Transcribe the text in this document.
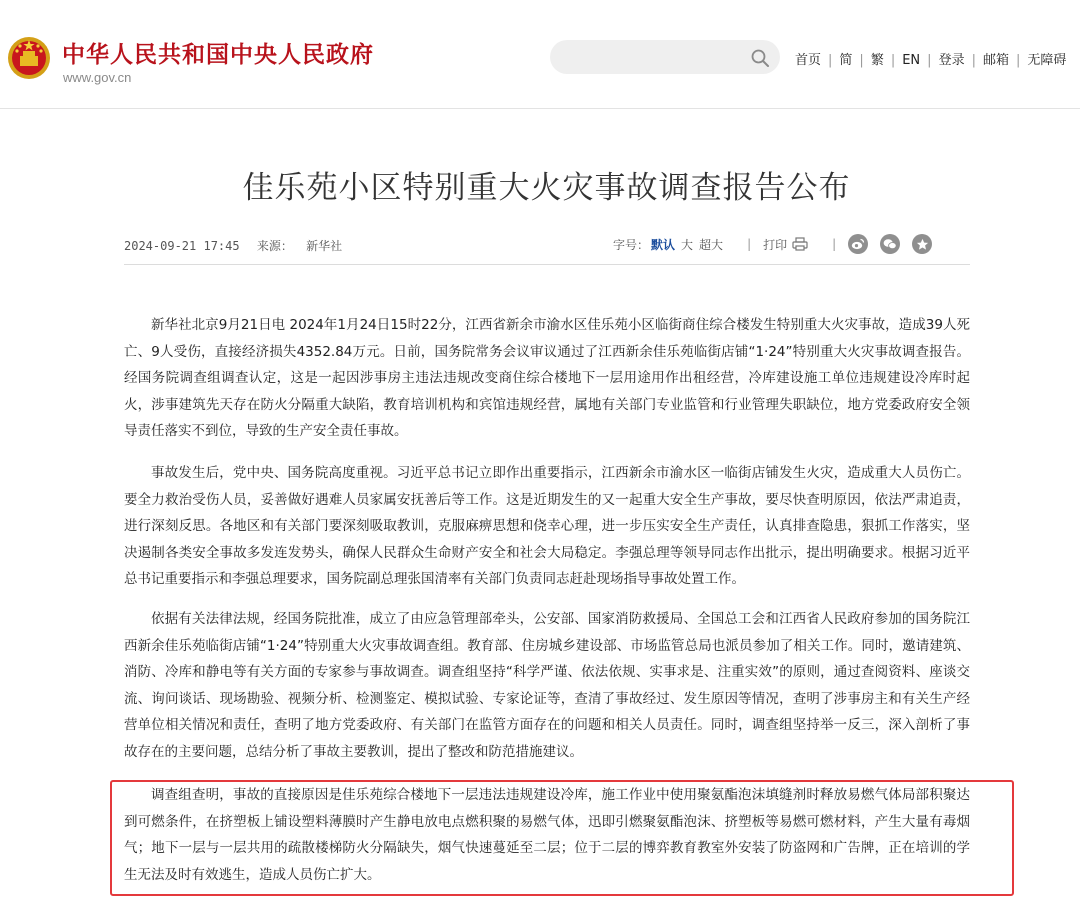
中华人民共和国中央人民政府
www.gov.cn
首页 | 简 | 繁 | EN | 登录 | 邮箱 | 无障碍
佳乐苑小区特别重大火灾事故调查报告公布
2024-09-21 17:45 来源： 新华社	字号： 默认 大 超大 | 打印	|

新华社北京9月21日电 2024年1月24日15时22分，江西省新余市渝水区佳乐苑小区临街商住综合楼发生特别重大火灾事故，造成39人死亡、9人受伤，直接经济损失4352.84万元。日前，国务院常务会议审议通过了江西新余佳乐苑临街店铺“1·24”特别重大火灾事故调查报告。经国务院调查组调查认定，这是一起因涉事房主违法违规改变商住综合楼地下一层用途用作出租经营，冷库建设施工单位违规建设冷库时起火，涉事建筑先天存在防火分隔重大缺陷，教育培训机构和宾馆违规经营，属地有关部门专业监管和行业管理失职缺位，地方党委政府安全领导责任落实不到位，导致的生产安全责任事故。

事故发生后，党中央、国务院高度重视。习近平总书记立即作出重要指示，江西新余市渝水区一临街店铺发生火灾，造成重大人员伤亡。要全力救治受伤人员，妥善做好遇难人员家属安抚善后等工作。这是近期发生的又一起重大安全生产事故，要尽快查明原因，依法严肃追责，进行深刻反思。各地区和有关部门要深刻吸取教训，克服麻痹思想和侥幸心理，进一步压实安全生产责任，认真排查隐患，狠抓工作落实，坚决遏制各类安全事故多发连发势头，确保人民群众生命财产安全和社会大局稳定。李强总理等领导同志作出批示，提出明确要求。根据习近平总书记重要指示和李强总理要求，国务院副总理张国清率有关部门负责同志赶赴现场指导事故处置工作。

依据有关法律法规，经国务院批准，成立了由应急管理部牵头，公安部、国家消防救援局、全国总工会和江西省人民政府参加的国务院江西新余佳乐苑临街店铺“1·24”特别重大火灾事故调查组。教育部、住房城乡建设部、市场监管总局也派员参加了相关工作。同时，邀请建筑、消防、冷库和静电等有关方面的专家参与事故调查。调查组坚持“科学严谨、依法依规、实事求是、注重实效”的原则，通过查阅资料、座谈交流、询问谈话、现场勘验、视频分析、检测鉴定、模拟试验、专家论证等，查清了事故经过、发生原因等情况，查明了涉事房主和有关生产经营单位相关情况和责任，查明了地方党委政府、有关部门在监管方面存在的问题和相关人员责任。同时，调查组坚持举一反三，深入剖析了事故存在的主要问题，总结分析了事故主要教训，提出了整改和防范措施建议。

调查组查明，事故的直接原因是佳乐苑综合楼地下一层违法违规建设冷库，施工作业中使用聚氨酯泡沫填缝剂时释放易燃气体局部积聚达到可燃条件，在挤塑板上铺设塑料薄膜时产生静电放电点燃积聚的易燃气体，迅即引燃聚氨酯泡沫、挤塑板等易燃可燃材料，产生大量有毒烟气；地下一层与一层共用的疏散楼梯防火分隔缺失，烟气快速蔓延至二层；位于二层的博弈教育教室外安装了防盗网和广告牌，正在培训的学生无法及时有效逃生，造成人员伤亡扩大。
